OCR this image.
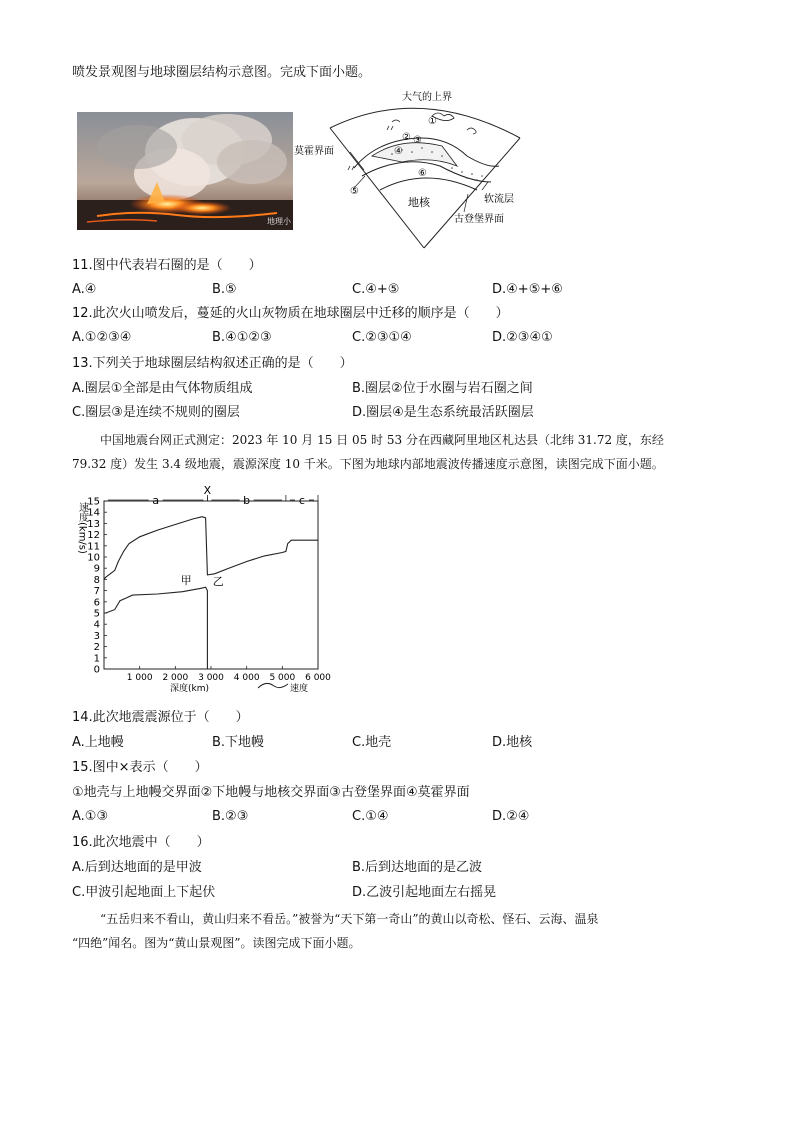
喷发景观图与地球圈层结构示意图。完成下面小题。
地理小
大气的上界
莫霍界面
地核	软流层
古登堡界面
①
② ③
④
⑤
⑥
11.图中代表岩石圈的是（　　）
A.④	B.⑤	C.④+⑤	D.④+⑤+⑥
12.此次火山喷发后，蔓延的火山灰物质在地球圈层中迁移的顺序是（　　）
A.①②③④	B.④①②③	C.②③①④	D.②③④①
13.下列关于地球圈层结构叙述正确的是（　　）
A.圈层①全部是由气体物质组成	B.圈层②位于水圈与岩石圈之间
C.圈层③是连续不规则的圈层	D.圈层④是生态系统最活跃圈层
中国地震台网正式测定：2023 年 10 月 15 日 05 时 53 分在西藏阿里地区札达县（北纬 31.72 度，东经
79.32 度）发生 3.4 级地震，震源深度 10 千米。下图为地球内部地震波传播速度示意图，读图完成下面小题。
a
X
b	c
0
1
2
3
4
5
6
7
8
9
10
11
12
13
14
15
1 000 2 000 3 000 4 000 5 000 6 000
乙
甲
速度(km/s)
深度(km)	速度
14.此次地震震源位于（　　）
A.上地幔	B.下地幔	C.地壳	D.地核
15.图中×表示（　　）
①地壳与上地幔交界面②下地幔与地核交界面③古登堡界面④莫霍界面
A.①③	B.②③	C.①④	D.②④
16.此次地震中（　　）
A.后到达地面的是甲波	B.后到达地面的是乙波
C.甲波引起地面上下起伏	D.乙波引起地面左右摇晃
“五岳归来不看山，黄山归来不看岳。”被誉为“天下第一奇山”的黄山以奇松、怪石、云海、温泉
“四绝”闻名。图为“黄山景观图”。读图完成下面小题。
